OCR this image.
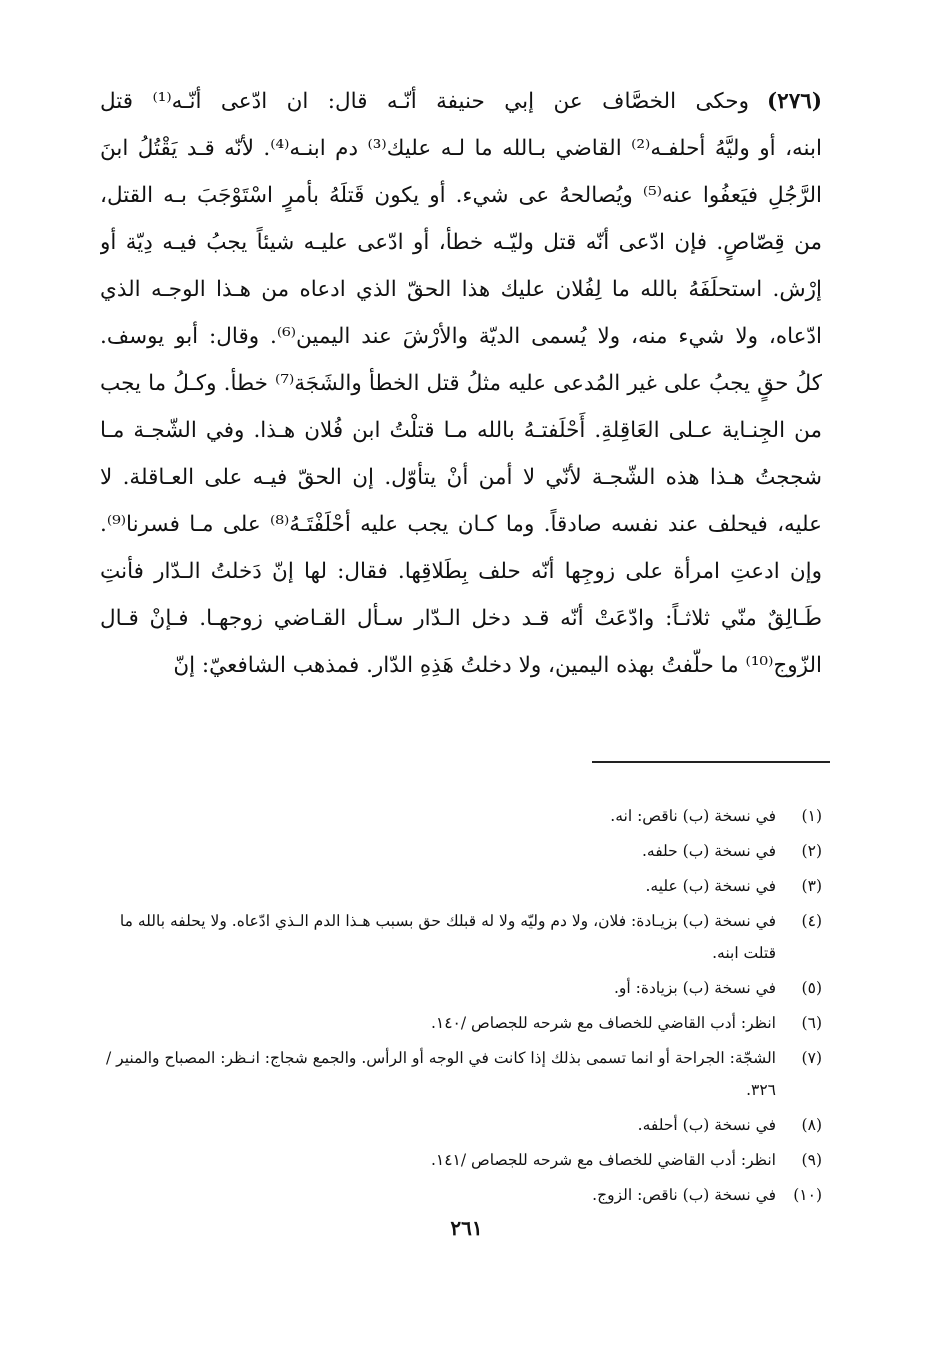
(٢٧٦)وحكى الخصَّاف عن إبي حنيفة أنّـه قال: ان ادّعى أنّـه⁽¹⁾ قتل
ابنه، أو وليَّهُ أحلفـه⁽²⁾ القاضي بـالله ما لـه عليك⁽³⁾ دم ابنـه⁽⁴⁾. لأنّه قـد يَقْتُلُ ابنَ
الرَّجُلِ فيَعفُوا عنه⁽⁵⁾ ويُصالحهُ عى شيء. أو يكون قَتلَهُ بأمرٍ اسْتَوْجَبَ بـه القتل،
من قِصّاصٍ. فإن ادّعى أنّه قتل وليّـه خطأ، أو ادّعى عليـه شيئاً يجبُ فيـه دِيّة أو
إرْش. استحلَفَهُ بالله ما لِفُلان عليك هذا الحقّ الذي ادعاه من هـذا الوجـه الذي
ادّعاه، ولا شيء منه، ولا يُسمى الديّة والأرْشَ عند اليمين⁽⁶⁾. وقال: أبو يوسف.
كلُ حقٍ يجبُ على غير المُدعى عليه مثلُ قتل الخطأ والشَجَة⁽⁷⁾ خطأ. وكـلُ ما يجب
من الجِنـاية عـلى العَاقِلةِ. أَحْلَفتـهُ بالله مـا قتلْتُ ابن فُلان هـذا. وفي الشّجـة مـا
شججتُ هـذا هذه الشّجـة لأنّي لا أمن أنْ يتأوّل. إن الحقّ فيـه على العـاقلة. لا
عليه، فيحلف عند نفسه صادقاً. وما كـان يجب عليه أحْلَفْتَـهُ⁽⁸⁾ على مـا فسرنا⁽⁹⁾.
وإن ادعتِ امرأة على زوجِها أنّه حلف بِطَلاقِها. فقال: لها إنّ دَخلتُ الـدّار فأنتِ
طَـالِقٌ منّي ثلاثـاً: وادّعَتْ أنّه قـد دخل الـدّار سـأل القـاضي زوجهـا. فـإنْ قـال
الزّوج⁽¹⁰⁾ ما حلّفتُ بهذه اليمين، ولا دخلتُ هَذِهِ الدّار. فمذهب الشافعيّ: إنّ
(١)
في نسخة (ب) ناقص: انه.
(٢)
في نسخة (ب) حلفه.
(٣)
في نسخة (ب) عليه.
(٤)
في نسخة (ب) بزيـادة: فلان، ولا دم وليّه ولا له قبلك حق بسبب هـذا الدم الـذي ادّعاه. ولا يحلفه بالله ما قتلت ابنه.
(٥)
في نسخة (ب) بزيادة: أو.
(٦)
انظر: أدب القاضي للخصاف مع شرحه للجصاص /١٤٠.
(٧)
الشجّة: الجراحة أو انما تسمى بذلك إذا كانت في الوجه أو الرأس. والجمع شجاج: انـظر: المصباح والمنير /٣٢٦.
(٨)
في نسخة (ب) أحلفه.
(٩)
انظر: أدب القاضي للخصاف مع شرحه للجصاص /١٤١.
(١٠)
في نسخة (ب) ناقص: الزوج.
٢٦١
